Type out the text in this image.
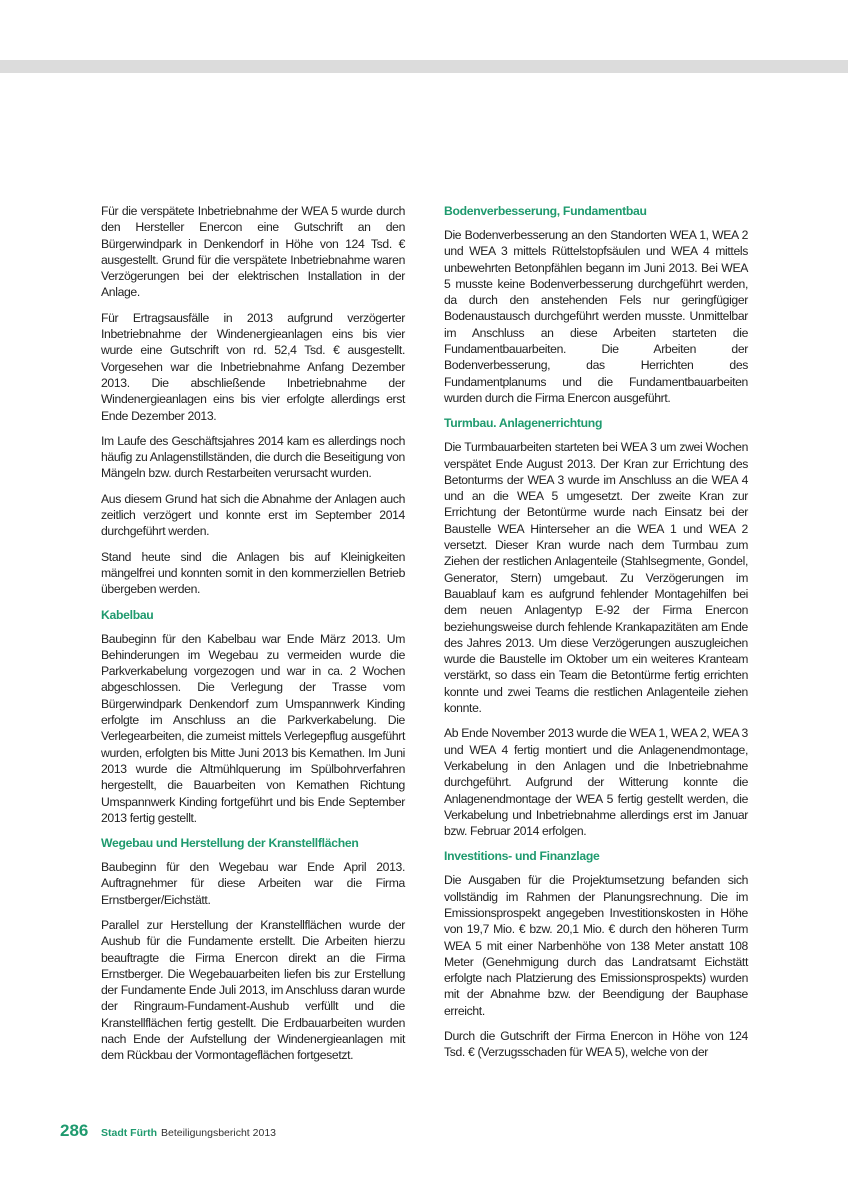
Für die verspätete Inbetriebnahme der WEA 5 wurde durch den Hersteller Enercon eine Gutschrift an den Bürgerwindpark in Denkendorf in Höhe von 124 Tsd. € ausgestellt. Grund für die verspätete Inbetriebnahme waren Verzögerungen bei der elektrischen Installation in der Anlage.

Für Ertragsausfälle in 2013 aufgrund verzögerter Inbetriebnahme der Windenergieanlagen eins bis vier wurde eine Gutschrift von rd. 52,4 Tsd. € ausgestellt. Vorgesehen war die Inbetriebnahme Anfang Dezember 2013. Die abschließende Inbetriebnahme der Windenergieanlagen eins bis vier erfolgte allerdings erst Ende Dezember 2013.

Im Laufe des Geschäftsjahres 2014 kam es allerdings noch häufig zu Anlagenstillständen, die durch die Beseitigung von Mängeln bzw. durch Restarbeiten verursacht wurden.

Aus diesem Grund hat sich die Abnahme der Anlagen auch zeitlich verzögert und konnte erst im September 2014 durchgeführt werden.

Stand heute sind die Anlagen bis auf Kleinigkeiten mängelfrei und konnten somit in den kommerziellen Betrieb übergeben werden.

Kabelbau

Baubeginn für den Kabelbau war Ende März 2013. Um Behinderungen im Wegebau zu vermeiden wurde die Parkverkabelung vorgezogen und war in ca. 2 Wochen abgeschlossen. Die Verlegung der Trasse vom Bürgerwindpark Denkendorf zum Umspannwerk Kinding erfolgte im Anschluss an die Parkverkabelung. Die Verlegearbeiten, die zumeist mittels Verlegepflug ausgeführt wurden, erfolgten bis Mitte Juni 2013 bis Kemathen. Im Juni 2013 wurde die Altmühlquerung im Spülbohrverfahren hergestellt, die Bauarbeiten von Kemathen Richtung Umspannwerk Kinding fortgeführt und bis Ende September 2013 fertig gestellt.

Wegebau und Herstellung der Kranstellflächen

Baubeginn für den Wegebau war Ende April 2013. Auftragnehmer für diese Arbeiten war die Firma Ernstberger/Eichstätt.

Parallel zur Herstellung der Kranstellflächen wurde der Aushub für die Fundamente erstellt. Die Arbeiten hierzu beauftragte die Firma Enercon direkt an die Firma Ernstberger. Die Wegebauarbeiten liefen bis zur Erstellung der Fundamente Ende Juli 2013, im Anschluss daran wurde der Ringraum-Fundament-Aushub verfüllt und die Kranstellflächen fertig gestellt. Die Erdbauarbeiten wurden nach Ende der Aufstellung der Windenergieanlagen mit dem Rückbau der Vormontageflächen fortgesetzt.

Bodenverbesserung, Fundamentbau

Die Bodenverbesserung an den Standorten WEA 1, WEA 2 und WEA 3 mittels Rüttelstopfsäulen und WEA 4 mittels unbewehrten Betonpfählen begann im Juni 2013. Bei WEA 5 musste keine Bodenverbesserung durchgeführt werden, da durch den anstehenden Fels nur geringfügiger Bodenaustausch durchgeführt werden musste. Unmittelbar im Anschluss an diese Arbeiten starteten die Fundamentbauarbeiten. Die Arbeiten der Bodenverbesserung, das Herrichten des Fundamentplanums und die Fundamentbauarbeiten wurden durch die Firma Enercon ausgeführt.

Turmbau. Anlagenerrichtung

Die Turmbauarbeiten starteten bei WEA 3 um zwei Wochen verspätet Ende August 2013. Der Kran zur Errichtung des Betonturms der WEA 3 wurde im Anschluss an die WEA 4 und an die WEA 5 umgesetzt. Der zweite Kran zur Errichtung der Betontürme wurde nach Einsatz bei der Baustelle WEA Hinterseher an die WEA 1 und WEA 2 versetzt. Dieser Kran wurde nach dem Turmbau zum Ziehen der restlichen Anlagenteile (Stahlsegmente, Gondel, Generator, Stern) umgebaut. Zu Verzögerungen im Bauablauf kam es aufgrund fehlender Montagehilfen bei dem neuen Anlagentyp E-92 der Firma Enercon beziehungsweise durch fehlende Krankapazitäten am Ende des Jahres 2013. Um diese Verzögerungen auszugleichen wurde die Baustelle im Oktober um ein weiteres Kranteam verstärkt, so dass ein Team die Betontürme fertig errichten konnte und zwei Teams die restlichen Anlagenteile ziehen konnte.

Ab Ende November 2013 wurde die WEA 1, WEA 2, WEA 3 und WEA 4 fertig montiert und die Anlagenendmontage, Verkabelung in den Anlagen und die Inbetriebnahme durchgeführt. Aufgrund der Witterung konnte die Anlagenendmontage der WEA 5 fertig gestellt werden, die Verkabelung und Inbetriebnahme allerdings erst im Januar bzw. Februar 2014 erfolgen.

Investitions- und Finanzlage

Die Ausgaben für die Projektumsetzung befanden sich vollständig im Rahmen der Planungsrechnung. Die im Emissionsprospekt angegeben Investitionskosten in Höhe von 19,7 Mio. € bzw. 20,1 Mio. € durch den höheren Turm WEA 5 mit einer Narbenhöhe von 138 Meter anstatt 108 Meter (Genehmigung durch das Landratsamt Eichstätt erfolgte nach Platzierung des Emissionsprospekts) wurden mit der Abnahme bzw. der Beendigung der Bauphase erreicht.

Durch die Gutschrift der Firma Enercon in Höhe von 124 Tsd. € (Verzugsschaden für WEA 5), welche von der

286	Stadt Fürth Beteiligungsbericht 2013
